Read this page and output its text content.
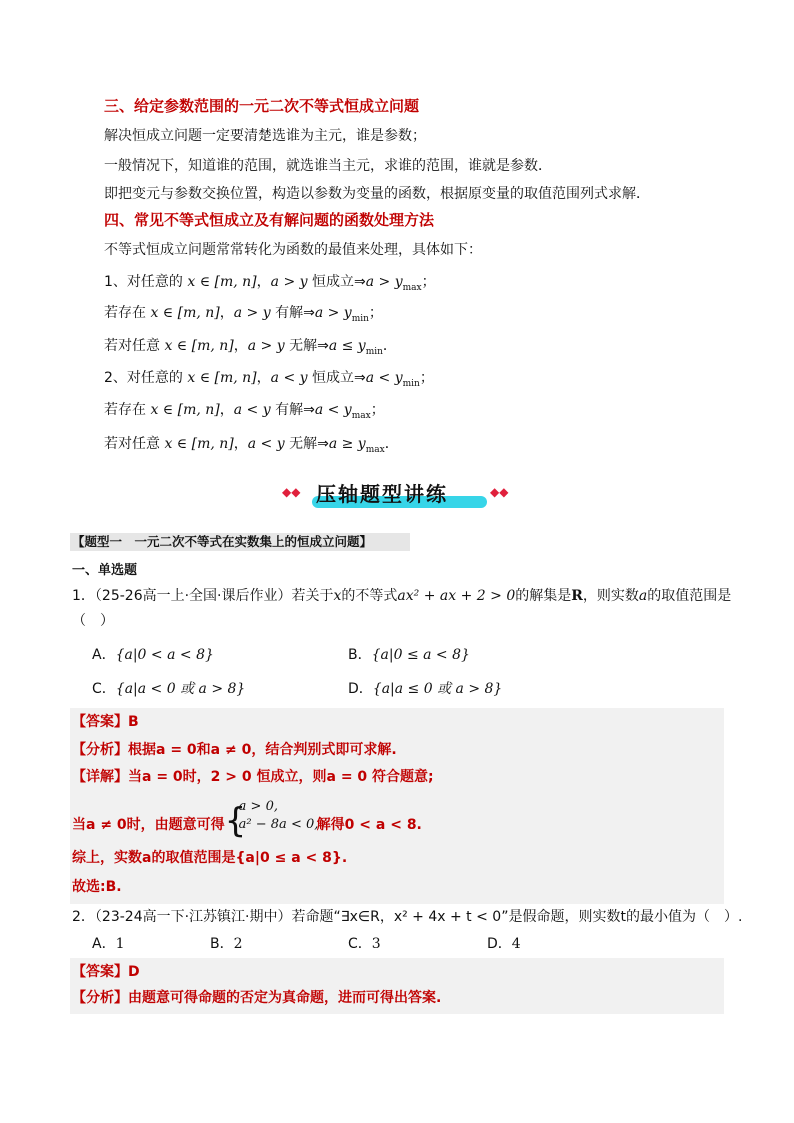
三、给定参数范围的一元二次不等式恒成立问题
解决恒成立问题一定要清楚选谁为主元，谁是参数；
一般情况下，知道谁的范围，就选谁当主元，求谁的范围，谁就是参数．
即把变元与参数交换位置，构造以参数为变量的函数，根据原变量的取值范围列式求解．
四、常见不等式恒成立及有解问题的函数处理方法
不等式恒成立问题常常转化为函数的最值来处理，具体如下：
1、对任意的 x ∈ [m, n]，a > y 恒成立⇒a > $y_{max}$；
若存在 x ∈ [m, n]，a > y 有解⇒a > $y_{min}$；
若对任意 x ∈ [m, n]，a > y 无解⇒a ≤ $y_{min}$．
2、对任意的 x ∈ [m, n]，a < y 恒成立⇒a < $y_{min}$；
若存在 x ∈ [m, n]，a < y 有解⇒a < $y_{max}$；
若对任意 x ∈ [m, n]，a < y 无解⇒a ≥ $y_{max}$．
◆◆ 压轴题型讲练	◆◆
【题型一　一元二次不等式在实数集上的恒成立问题】
一、单选题
1．（25-26高一上·全国·课后作业）若关于x的不等式ax² + ax + 2 > 0的解集是R，则实数a的取值范围是
（　）
A．{a|0 < a < 8}	B．{a|0 ≤ a < 8}
C．{a|a < 0 或 a > 8}	D．{a|a ≤ 0 或 a > 8}
【答案】B
【分析】根据a = 0和a ≠ 0，结合判别式即可求解.
【详解】当a = 0时，2 > 0 恒成立，则a = 0 符合题意;
当a ≠ 0时，由题意可得 {
a > 0,
a² − 8a < 0,
解得0 < a < 8.
综上，实数a的取值范围是{a|0 ≤ a < 8}.
故选:B.
2．（23-24高一下·江苏镇江·期中）若命题“∃x∈R，x² + 4x + t < 0”是假命题，则实数t的最小值为（　）.
A．1	B．2	C．3	D．4
【答案】D
【分析】由题意可得命题的否定为真命题，进而可得出答案.
